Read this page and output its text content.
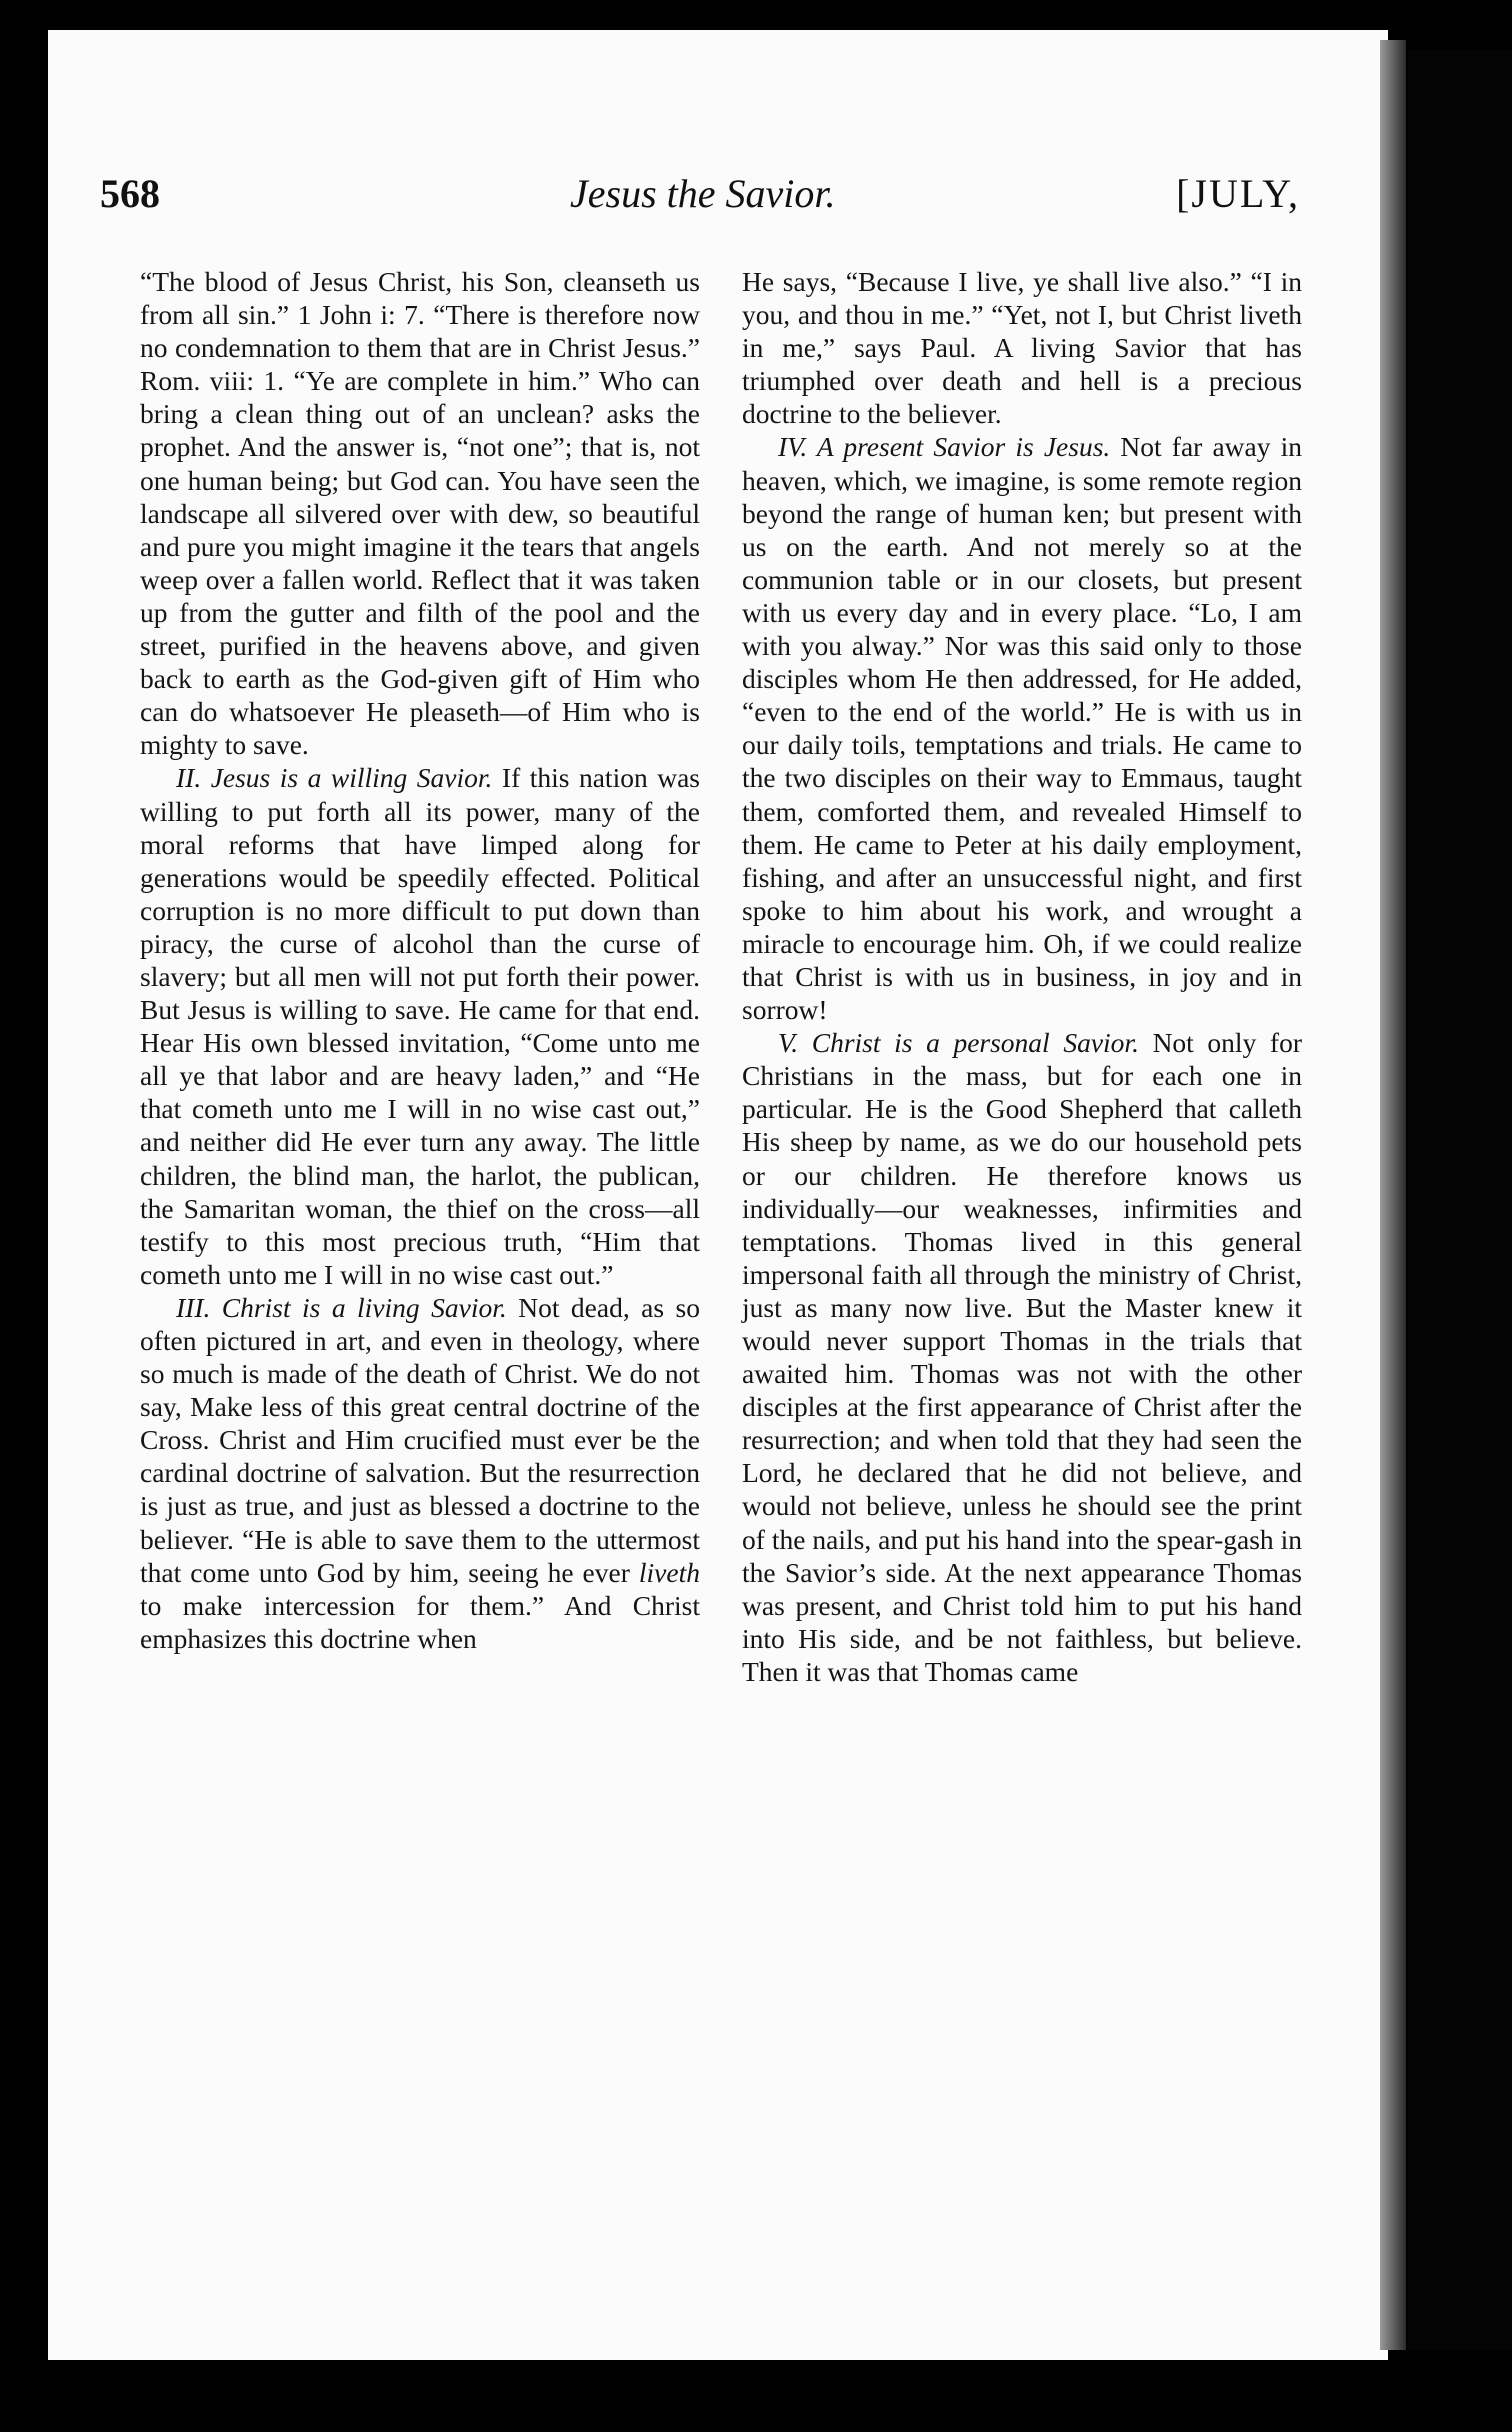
568	Jesus the Savior.	[JULY,

“The blood of Jesus Christ, his Son, cleanseth us from all sin.” 1 John i: 7. “There is therefore now no condemnation to them that are in Christ Jesus.” Rom. viii: 1. “Ye are complete in him.” Who can bring a clean thing out of an unclean? asks the prophet. And the answer is, “not one”; that is, not one human being; but God can. You have seen the landscape all silvered over with dew, so beautiful and pure you might imagine it the tears that angels weep over a fallen world. Reflect that it was taken up from the gutter and filth of the pool and the street, purified in the heavens above, and given back to earth as the God-given gift of Him who can do whatsoever He pleaseth—of Him who is mighty to save.

II. Jesus is a willing Savior. If this nation was willing to put forth all its power, many of the moral reforms that have limped along for generations would be speedily effected. Political corruption is no more difficult to put down than piracy, the curse of alcohol than the curse of slavery; but all men will not put forth their power. But Jesus is willing to save. He came for that end. Hear His own blessed invitation, “Come unto me all ye that labor and are heavy laden,” and “He that cometh unto me I will in no wise cast out,” and neither did He ever turn any away. The little children, the blind man, the harlot, the publican, the Samaritan woman, the thief on the cross—all testify to this most precious truth, “Him that cometh unto me I will in no wise cast out.”

III. Christ is a living Savior. Not dead, as so often pictured in art, and even in theology, where so much is made of the death of Christ. We do not say, Make less of this great central doctrine of the Cross. Christ and Him crucified must ever be the cardinal doctrine of salvation. But the resurrection is just as true, and just as blessed a doctrine to the believer. “He is able to save them to the uttermost that come unto God by him, seeing he ever liveth to make intercession for them.” And Christ emphasizes this doctrine when

He says, “Because I live, ye shall live also.” “I in you, and thou in me.” “Yet, not I, but Christ liveth in me,” says Paul. A living Savior that has triumphed over death and hell is a precious doctrine to the believer.

IV. A present Savior is Jesus. Not far away in heaven, which, we imagine, is some remote region beyond the range of human ken; but present with us on the earth. And not merely so at the communion table or in our closets, but present with us every day and in every place. “Lo, I am with you alway.” Nor was this said only to those disciples whom He then addressed, for He added, “even to the end of the world.” He is with us in our daily toils, temptations and trials. He came to the two disciples on their way to Emmaus, taught them, comforted them, and revealed Himself to them. He came to Peter at his daily employment, fishing, and after an unsuccessful night, and first spoke to him about his work, and wrought a miracle to encourage him. Oh, if we could realize that Christ is with us in business, in joy and in sorrow!

V. Christ is a personal Savior. Not only for Christians in the mass, but for each one in particular. He is the Good Shepherd that calleth His sheep by name, as we do our household pets or our children. He therefore knows us individually—our weaknesses, infirmities and temptations. Thomas lived in this general impersonal faith all through the ministry of Christ, just as many now live. But the Master knew it would never support Thomas in the trials that awaited him. Thomas was not with the other disciples at the first appearance of Christ after the resurrection; and when told that they had seen the Lord, he declared that he did not believe, and would not believe, unless he should see the print of the nails, and put his hand into the spear-gash in the Savior’s side. At the next appearance Thomas was present, and Christ told him to put his hand into His side, and be not faithless, but believe. Then it was that Thomas came
